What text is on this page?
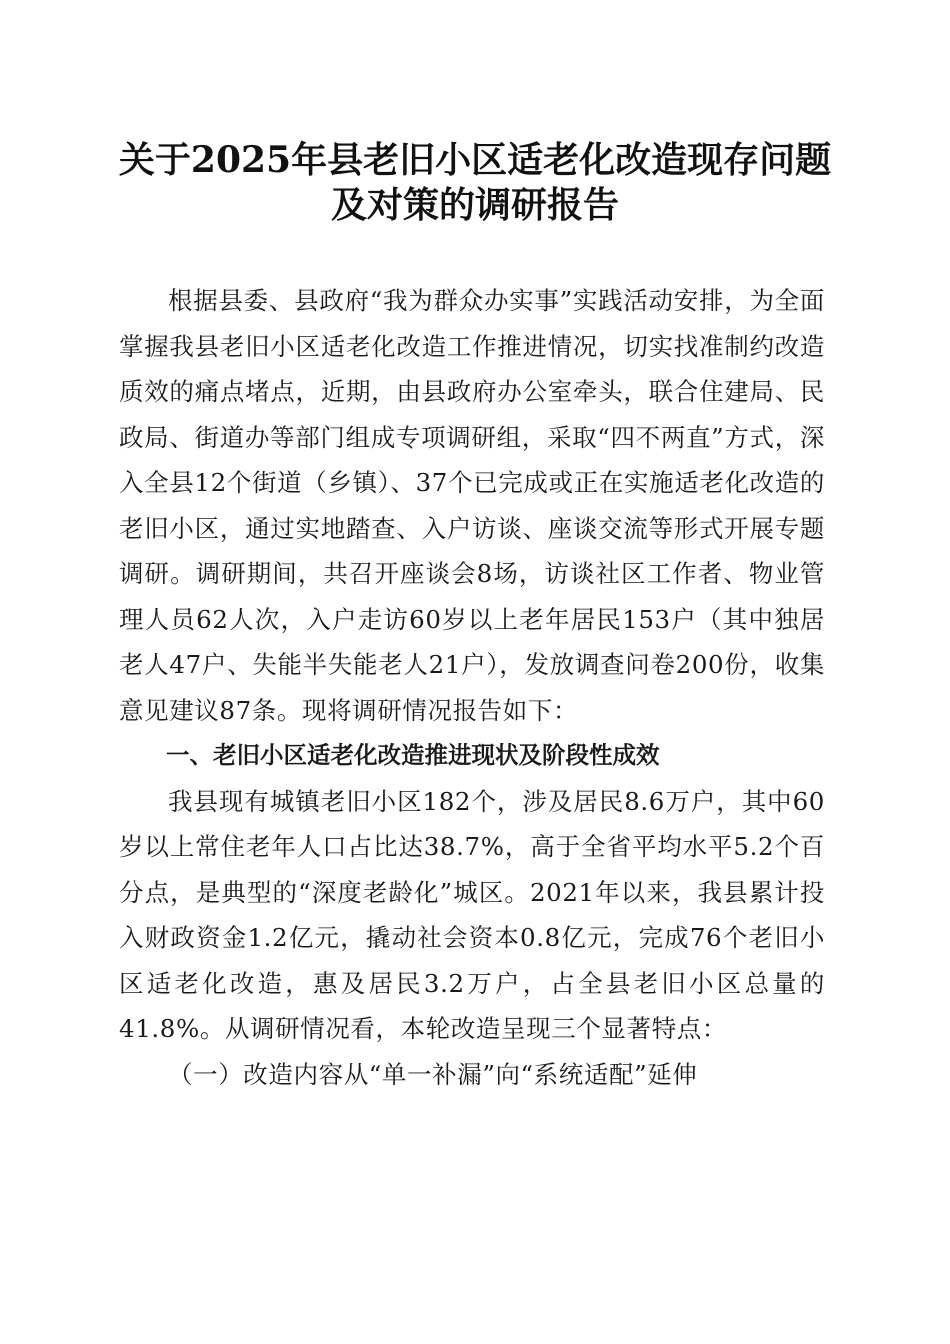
关于2025年县老旧小区适老化改造现存问题
及对策的调研报告

根据县委、县政府“我为群众办实事”实践活动安排，为全面掌握我县老旧小区适老化改造工作推进情况，切实找准制约改造质效的痛点堵点，近期，由县政府办公室牵头，联合住建局、民政局、街道办等部门组成专项调研组，采取“四不两直”方式，深入全县12个街道（乡镇）、37个已完成或正在实施适老化改造的老旧小区，通过实地踏查、入户访谈、座谈交流等形式开展专题调研。调研期间，共召开座谈会8场，访谈社区工作者、物业管理人员62人次，入户走访60岁以上老年居民153户（其中独居老人47户、失能半失能老人21户），发放调查问卷200份，收集意见建议87条。现将调研情况报告如下：

一、老旧小区适老化改造推进现状及阶段性成效

我县现有城镇老旧小区182个，涉及居民8.6万户，其中60岁以上常住老年人口占比达38.7%，高于全省平均水平5.2个百分点，是典型的“深度老龄化”城区。2021年以来，我县累计投入财政资金1.2亿元，撬动社会资本0.8亿元，完成76个老旧小区适老化改造，惠及居民3.2万户，占全县老旧小区总量的41.8%。从调研情况看，本轮改造呈现三个显著特点：

（一）改造内容从“单一补漏”向“系统适配”延伸
